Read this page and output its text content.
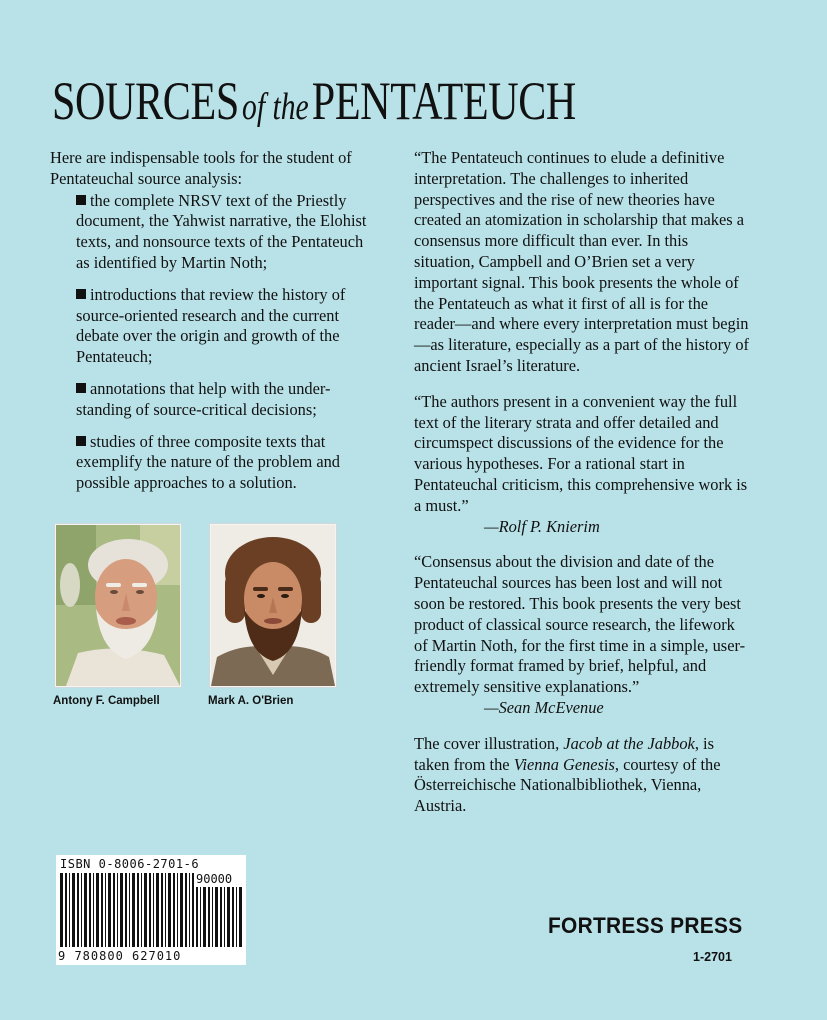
SOURCES of the PENTATEUCH

Here are indispensable tools for the student of Pentateuchal source analysis:

the complete NRSV text of the Priestly document, the Yahwist narrative, the Elohist texts, and nonsource texts of the Pentateuch as identified by Martin Noth;
introductions that review the history of source-oriented research and the current debate over the origin and growth of the Pentateuch;
annotations that help with the under-standing of source-critical decisions;
studies of three composite texts that exemplify the nature of the problem and possible approaches to a solution.
Antony F. Campbell	Mark A. O'Brien
“The Pentateuch continues to elude a definitive interpretation. The challenges to inherited perspectives and the rise of new theories have created an atomization in scholarship that makes a consensus more difficult than ever. In this situation, Campbell and O’Brien set a very important signal. This book presents the whole of the Pentateuch as what it first of all is for the reader—and where every interpretation must begin—as literature, especially as a part of the history of ancient Israel’s literature.
“The authors present in a convenient way the full text of the literary strata and offer detailed and circumspect discussions of the evidence for the various hypotheses. For a rational start in Pentateuchal criticism, this comprehensive work is a must.”
—Rolf P. Knierim
“Consensus about the division and date of the Pentateuchal sources has been lost and will not soon be restored. This book presents the very best product of classical source research, the lifework of Martin Noth, for the first time in a simple, user-friendly format framed by brief, helpful, and extremely sensitive explanations.”
—Sean McEvenue

The cover illustration, Jacob at the Jabbok, is taken from the Vienna Genesis, courtesy of the Österreichische Nationalbibliothek, Vienna, Austria.

ISBN 0-8006-2701-6
90000
9 780800 627010
FORTRESS PRESS
1-2701
